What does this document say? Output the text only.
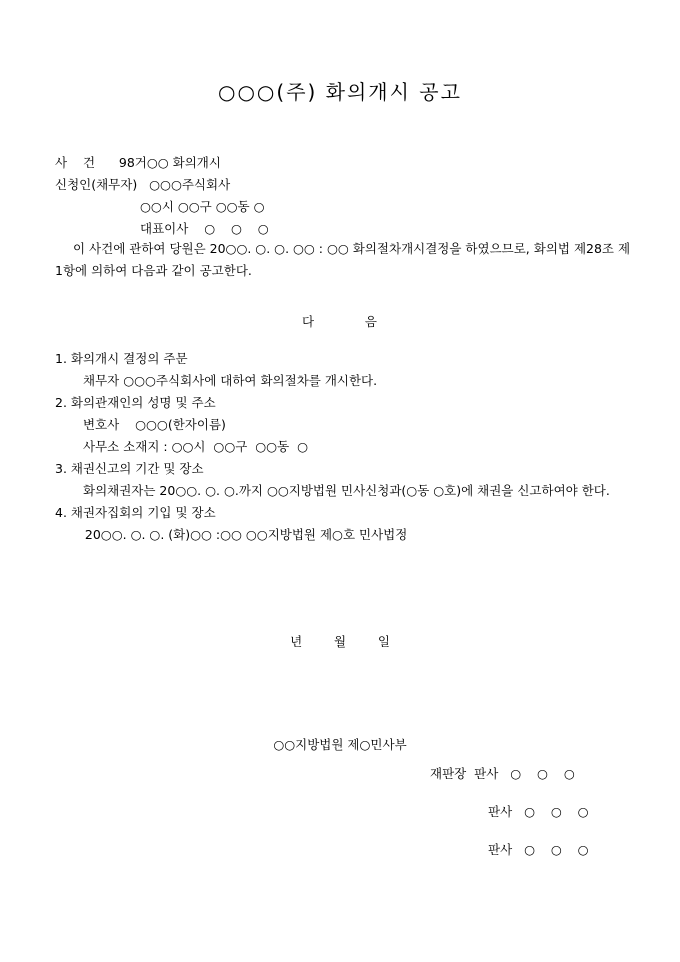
○○○(주) 화의개시 공고
사    건 98거○○ 화의개시
신청인(채무자) ○○○주식회사
○○시 ○○구 ○○동 ○
대표이사    ○    ○    ○
이 사건에 관하여 당원은 20○○. ○. ○. ○○ : ○○ 화의절차개시결정을 하였으므로, 화의법 제28조 제1항에 의하여 다음과 같이 공고한다.
다          음
1. 화의개시 결정의 주문
채무자 ○○○주식회사에 대하여 화의절차를 개시한다.
2. 화의관재인의 성명 및 주소
변호사    ○○○(한자이름)
사무소 소재지 : ○○시  ○○구  ○○동  ○
3. 채권신고의 기간 및 장소
화의채권자는 20○○. ○. ○.까지 ○○지방법원 민사신청과(○동 ○호)에 채권을 신고하여야 한다.
4. 채권자집회의 기입 및 장소
20○○. ○. ○. (화)○○ :○○ ○○지방법원 제○호 민사법정
년        월        일
○○지방법원 제○민사부
재판장  판사 ○    ○    ○
판사 ○    ○    ○
판사 ○    ○    ○
